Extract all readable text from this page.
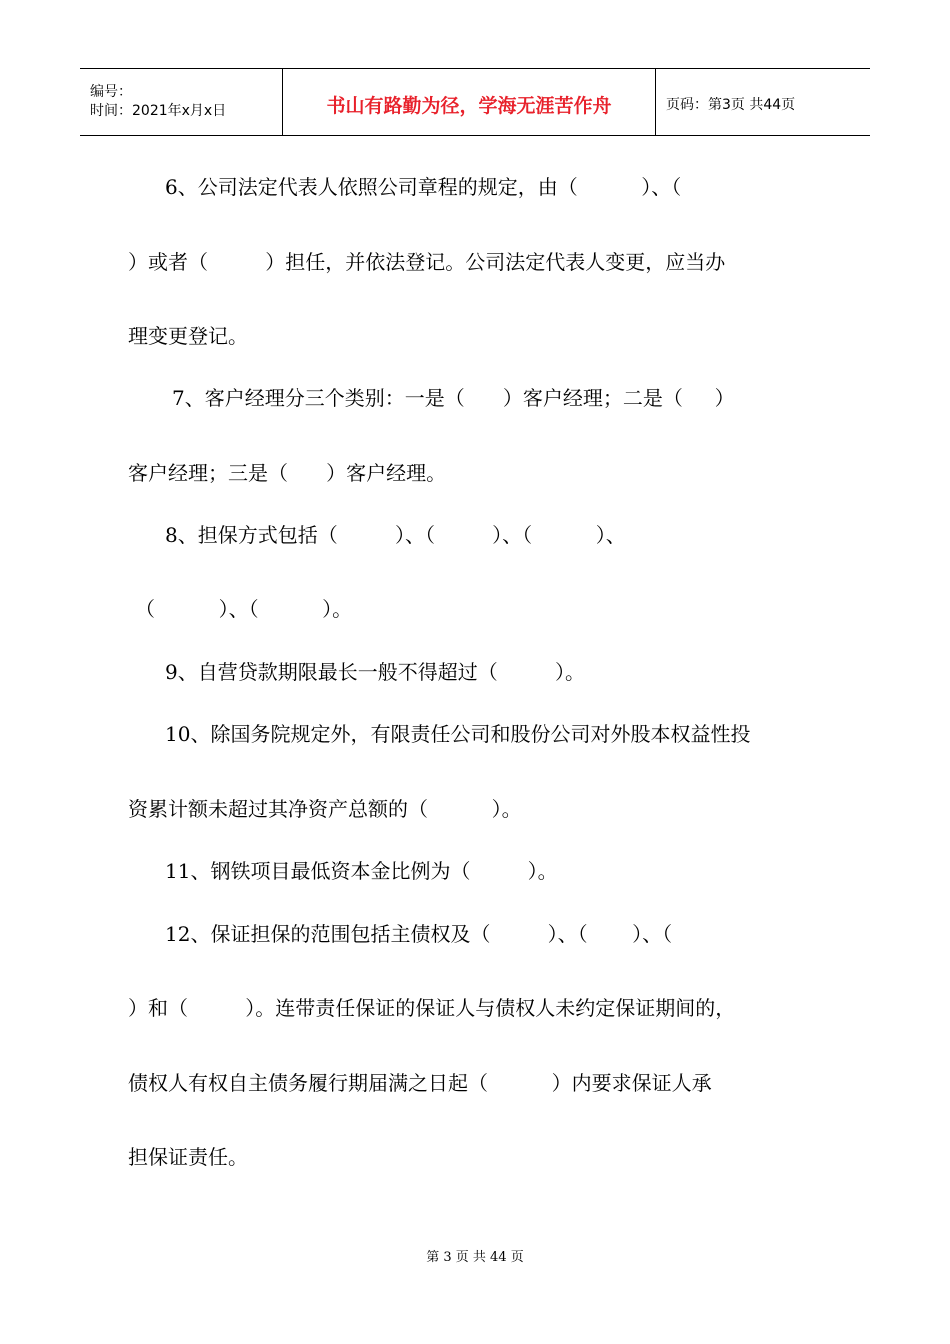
编号：
时间：2021年x月x日	书山有路勤为径，学海无涯苦作舟	页码：第3页 共44页
6、公司法定代表人依照公司章程的规定，由（          ）、（
）或者（         ）担任，并依法登记。公司法定代表人变更，应当办
理变更登记。
7、客户经理分三个类别：一是（      ）客户经理；二是（     ）
客户经理；三是（      ）客户经理。
8、担保方式包括（         ）、（         ）、（          ）、
（          ）、（          ）。
9、自营贷款期限最长一般不得超过（         ）。
10、除国务院规定外，有限责任公司和股份公司对外股本权益性投
资累计额未超过其净资产总额的（          ）。
11、钢铁项目最低资本金比例为（         ）。
12、保证担保的范围包括主债权及（         ）、（       ）、（
）和（         ）。连带责任保证的保证人与债权人未约定保证期间的，
债权人有权自主债务履行期届满之日起（          ）内要求保证人承
担保证责任。
第 3 页 共 44 页
